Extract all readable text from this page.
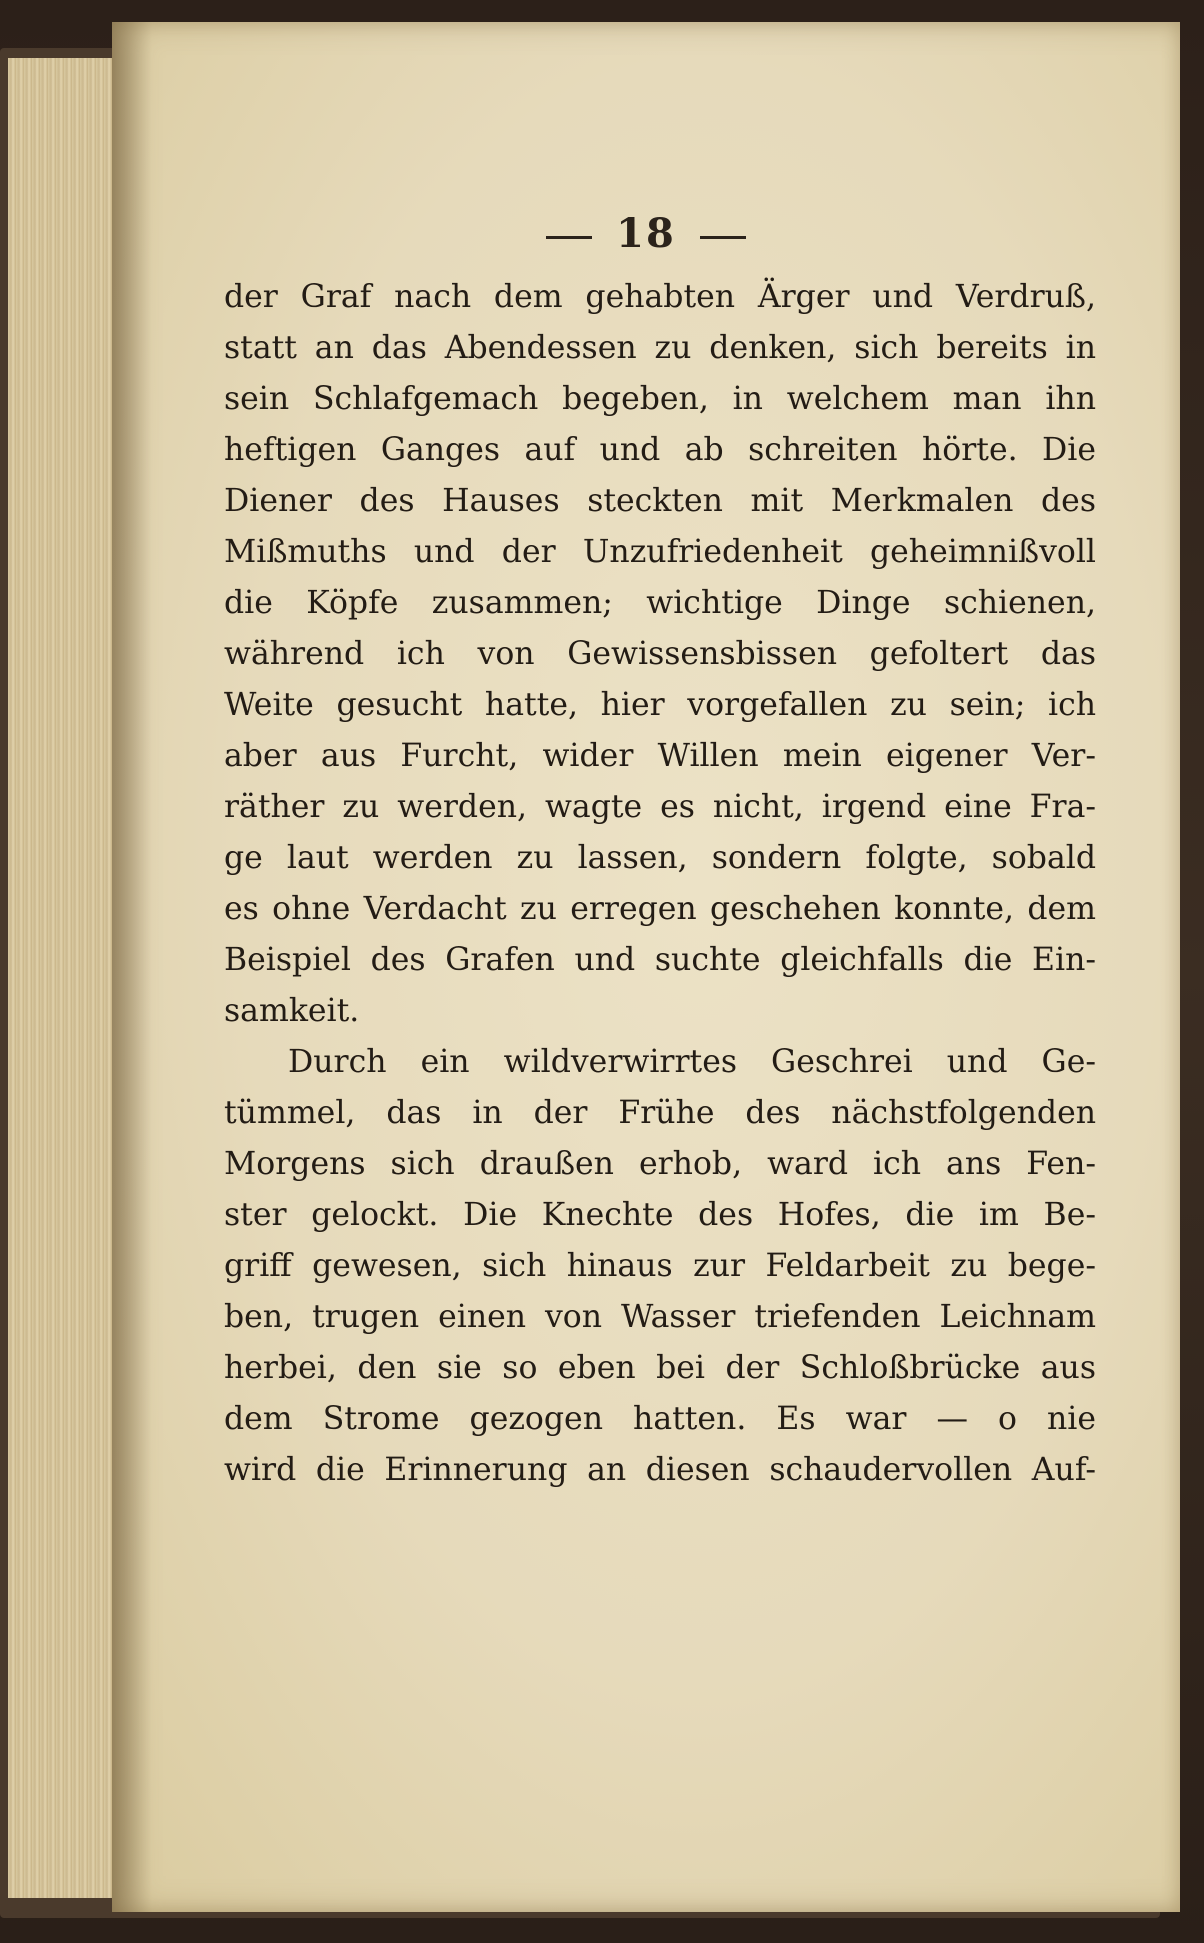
18
der Graf nach dem gehabten Ärger und Verdruß,
statt an das Abendessen zu denken, sich bereits in
sein Schlafgemach begeben, in welchem man ihn
heftigen Ganges auf und ab schreiten hörte. Die
Diener des Hauses steckten mit Merkmalen des
Mißmuths und der Unzufriedenheit geheimnißvoll
die Köpfe zusammen; wichtige Dinge schienen,
während ich von Gewissensbissen gefoltert das
Weite gesucht hatte, hier vorgefallen zu sein; ich
aber aus Furcht, wider Willen mein eigener Ver-
räther zu werden, wagte es nicht, irgend eine Fra-
ge laut werden zu lassen, sondern folgte, sobald
es ohne Verdacht zu erregen geschehen konnte, dem
Beispiel des Grafen und suchte gleichfalls die Ein-
samkeit.
Durch ein wildverwirrtes Geschrei und Ge-
tümmel, das in der Frühe des nächstfolgenden
Morgens sich draußen erhob, ward ich ans Fen-
ster gelockt. Die Knechte des Hofes, die im Be-
griff gewesen, sich hinaus zur Feldarbeit zu bege-
ben, trugen einen von Wasser triefenden Leichnam
herbei, den sie so eben bei der Schloßbrücke aus
dem Strome gezogen hatten. Es war — o nie
wird die Erinnerung an diesen schaudervollen Auf-
